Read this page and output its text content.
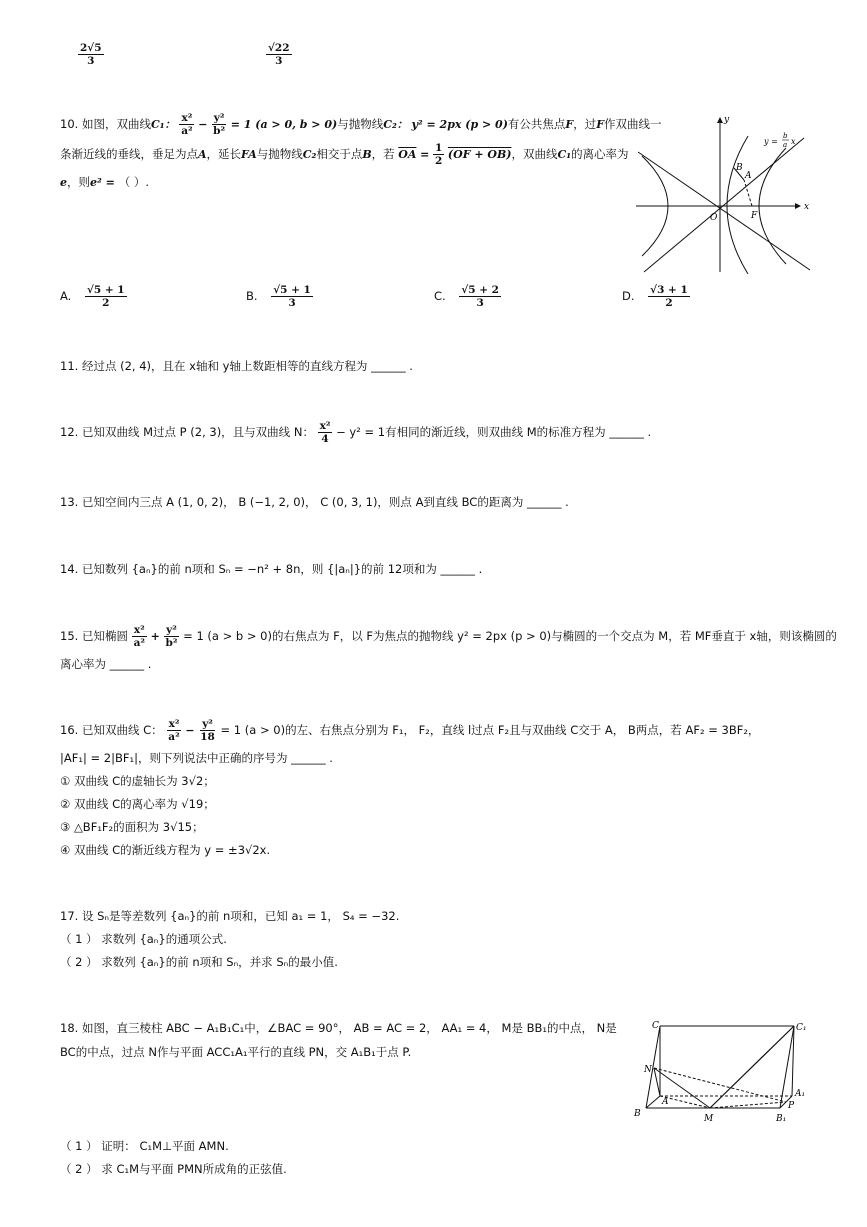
$\frac{2√5}{3}$	$\frac{√22}{3}$
10. 如图，双曲线C₁： $\frac{\text{x²}}{\text{a²}} - \frac{\text{y²}}{\text{b²}} = 1$ (a > 0, b > 0)与抛物线C₂： y² = 2px (p > 0)有公共焦点F，过F作双曲线一
条渐近线的垂线，垂足为点A，延长FA与抛物线C₂相交于点B，若 $\overline{OA} = \frac{1}{2} (OF + OB)$，双曲线C₁的离心率为
e，则e² = （ ）.
x
y
B
A
O	F
y =
b
a x
A. $\frac{√5 + 1}{2}$	B. $\frac{√5 + 1}{3}$	C. $\frac{√5 + 2}{3}$	D. $\frac{√3 + 1}{2}$
11. 经过点 (2, 4)，且在 x轴和 y轴上数距相等的直线方程为 ______ .
12. 已知双曲线 M过点 P (2, 3)，且与双曲线 N： $\frac{\text{x²}}{4} - y^2 = 1$有相同的渐近线，则双曲线 M的标准方程为 ______ .
13. 已知空间内三点 A (1, 0, 2)， B (−1, 2, 0)， C (0, 3, 1)，则点 A到直线 BC的距离为 ______ .
14. 已知数列 {aₙ}的前 n项和 Sₙ = −n² + 8n，则 {|aₙ|}的前 12项和为 ______ .
15. 已知椭圆 $\frac{\text{x²}}{\text{a²}} + \frac{\text{y²}}{\text{b²}} = 1$ (a > b > 0)的右焦点为 F，以 F为焦点的抛物线 y² = 2px (p > 0)与椭圆的一个交点为 M，若 MF垂直于 x轴，则该椭圆的
离心率为 ______ .
16. 已知双曲线 C： $\frac{\text{x²}}{\text{a²}} - \frac{\text{y²}}{18} = 1$ (a > 0)的左、右焦点分别为 F₁， F₂，直线 l过点 F₂且与双曲线 C交于 A， B两点，若 AF₂ = 3BF₂，
|AF₁| = 2|BF₁|，则下列说法中正确的序号为 ______ .
① 双曲线 C的虚轴长为 3√2；
② 双曲线 C的离心率为 √19；
③ △BF₁F₂的面积为 3√15；
④ 双曲线 C的渐近线方程为 y = ±3√2x.
17. 设 Sₙ是等差数列 {aₙ}的前 n项和，已知 a₁ = 1， S₄ = −32.
（ 1 ） 求数列 {aₙ}的通项公式.
（ 2 ） 求数列 {aₙ}的前 n项和 Sₙ，并求 Sₙ的最小值.
18. 如图，直三棱柱 ABC − A₁B₁C₁中，∠BAC = 90°， AB = AC = 2， AA₁ = 4， M是 BB₁的中点， N是
BC的中点，过点 N作与平面 ACC₁A₁平行的直线 PN，交 A₁B₁于点 P.
C	C₁
N
A
A₁
B	B₁
M
P
（ 1 ） 证明： C₁M⊥平面 AMN.
（ 2 ） 求 C₁M与平面 PMN所成角的正弦值.
